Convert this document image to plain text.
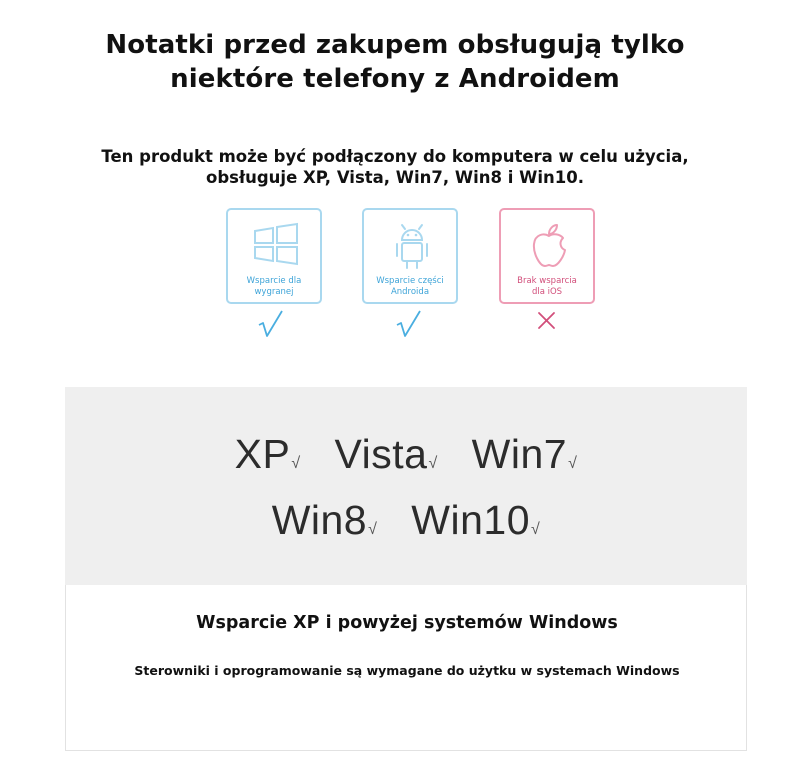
Notatki przed zakupem obsługują tylko
niektóre telefony z Androidem
Ten produkt może być podłączony do komputera w celu użycia,
obsługuje XP, Vista, Win7, Win8 i Win10.
Wsparcie dla
wygranej
Wsparcie części
Androida
Brak wsparcia
dla iOS
XP√ Vista√ Win7√
Win8√ Win10√
Wsparcie XP i powyżej systemów Windows
Sterowniki i oprogramowanie są wymagane do użytku w systemach Windows
